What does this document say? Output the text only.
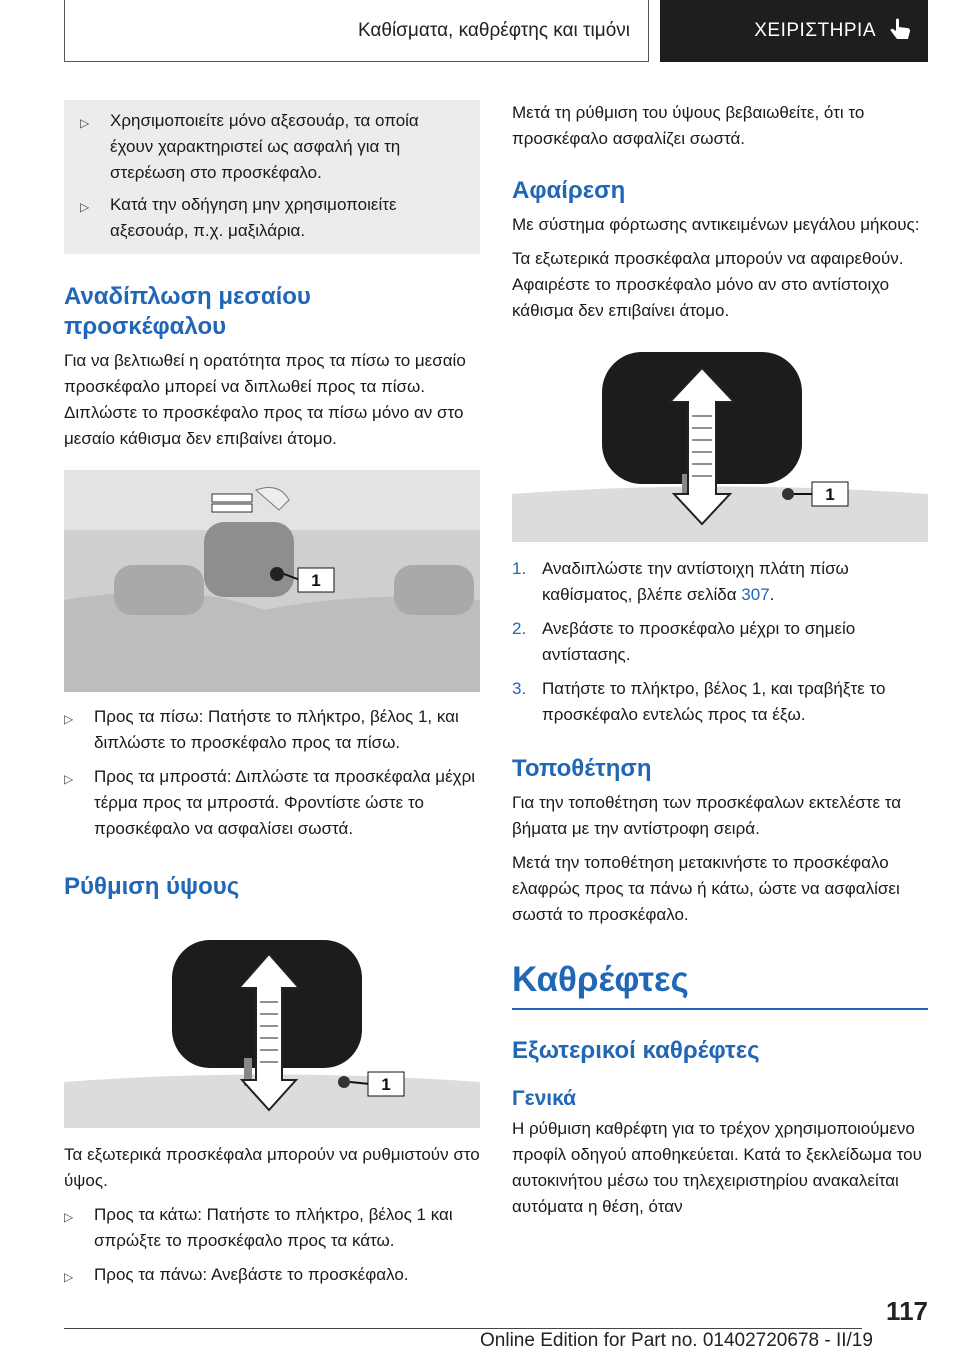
Καθίσματα, καθρέφτης και τιμόνι	ΧΕΙΡΙΣΤΗΡΙΑ
▷	Χρησιμοποιείτε μόνο αξεσουάρ, τα οποία έχουν χαρακτηριστεί ως ασφαλή για τη στερέωση στο προσκέφαλο.
▷	Κατά την οδήγηση μην χρησιμοποιείτε αξεσουάρ, π.χ. μαξιλάρια.
Αναδίπλωση μεσαίου προσκέφαλου

Για να βελτιωθεί η ορατότητα προς τα πίσω το μεσαίο προσκέφαλο μπορεί να διπλωθεί προς τα πίσω. Διπλώστε το προσκέφαλο προς τα πίσω μόνο αν στο μεσαίο κάθισμα δεν επιβαίνει άτομο.

1
▷	Προς τα πίσω: Πατήστε το πλήκτρο, βέλος 1, και διπλώστε το προσκέφαλο προς τα πίσω.
▷	Προς τα μπροστά: Διπλώστε τα προσκέφαλα μέχρι τέρμα προς τα μπροστά. Φροντίστε ώστε το προσκέφαλο να ασφαλίσει σωστά.
Ρύθμιση ύψους
1

Τα εξωτερικά προσκέφαλα μπορούν να ρυθμιστούν στο ύψος.

▷	Προς τα κάτω: Πατήστε το πλήκτρο, βέλος 1 και σπρώξτε το προσκέφαλο προς τα κάτω.
▷	Προς τα πάνω: Ανεβάστε το προσκέφαλο.

Μετά τη ρύθμιση του ύψους βεβαιωθείτε, ότι το προσκέφαλο ασφαλίζει σωστά.

Αφαίρεση

Με σύστημα φόρτωσης αντικειμένων μεγάλου μήκους:

Τα εξωτερικά προσκέφαλα μπορούν να αφαιρεθούν. Αφαιρέστε το προσκέφαλο μόνο αν στο αντίστοιχο κάθισμα δεν επιβαίνει άτομο.

1
1. Αναδιπλώστε την αντίστοιχη πλάτη πίσω καθίσματος, βλέπε σελίδα 307.
2. Ανεβάστε το προσκέφαλο μέχρι το σημείο αντίστασης.
3. Πατήστε το πλήκτρο, βέλος 1, και τραβήξτε το προσκέφαλο εντελώς προς τα έξω.
Τοποθέτηση

Για την τοποθέτηση των προσκέφαλων εκτελέστε τα βήματα με την αντίστροφη σειρά.

Μετά την τοποθέτηση μετακινήστε το προσκέφαλο ελαφρώς προς τα πάνω ή κάτω, ώστε να ασφαλίσει σωστά το προσκέφαλο.

Καθρέφτες
Εξωτερικοί καθρέφτες
Γενικά

Η ρύθμιση καθρέφτη για το τρέχον χρησιμοποιούμενο προφίλ οδηγού αποθηκεύεται. Κατά το ξεκλείδωμα του αυτοκινήτου μέσω του τηλεχειριστηρίου ανακαλείται αυτόματα η θέση, όταν

117
Online Edition for Part no. 01402720678 - II/19
